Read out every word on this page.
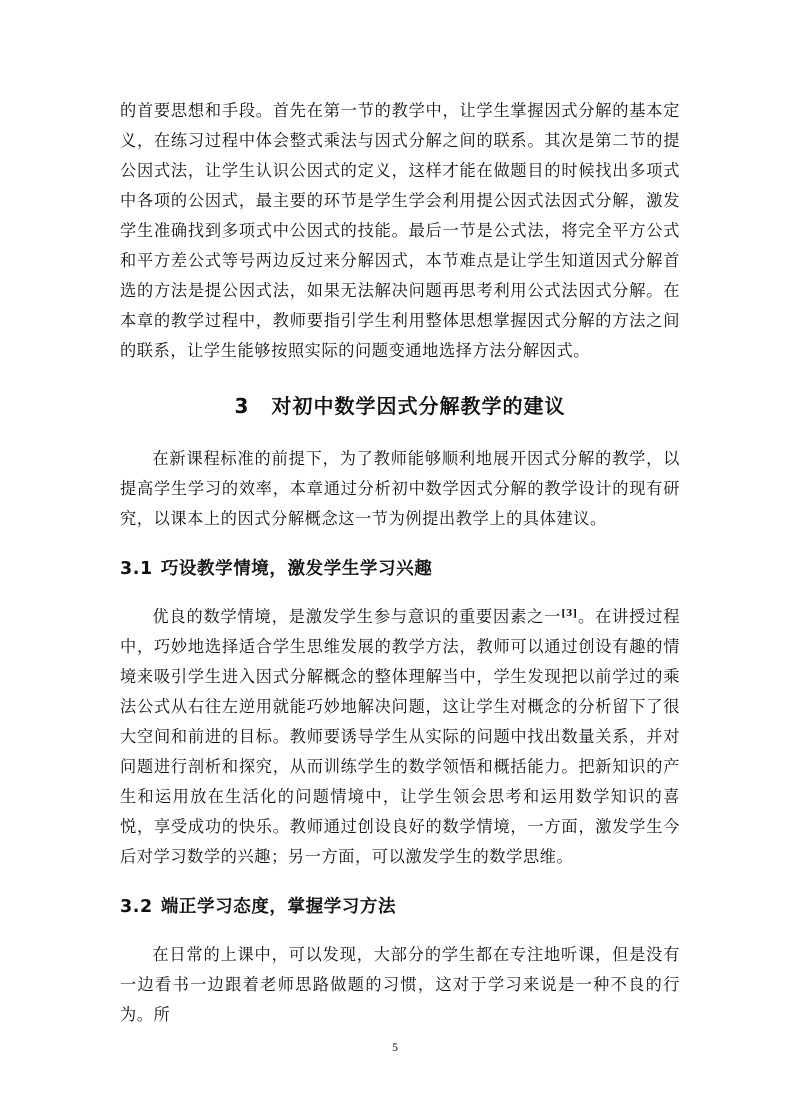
的首要思想和手段。首先在第一节的教学中，让学生掌握因式分解的基本定义，在练习过程中体会整式乘法与因式分解之间的联系。其次是第二节的提公因式法，让学生认识公因式的定义，这样才能在做题目的时候找出多项式中各项的公因式，最主要的环节是学生学会利用提公因式法因式分解，激发学生准确找到多项式中公因式的技能。最后一节是公式法，将完全平方公式和平方差公式等号两边反过来分解因式，本节难点是让学生知道因式分解首选的方法是提公因式法，如果无法解决问题再思考利用公式法因式分解。在本章的教学过程中，教师要指引学生利用整体思想掌握因式分解的方法之间的联系，让学生能够按照实际的问题变通地选择方法分解因式。

3 对初中数学因式分解教学的建议

在新课程标准的前提下，为了教师能够顺利地展开因式分解的教学，以提高学生学习的效率，本章通过分析初中数学因式分解的教学设计的现有研究，以课本上的因式分解概念这一节为例提出教学上的具体建议。

3.1 巧设教学情境，激发学生学习兴趣

优良的数学情境，是激发学生参与意识的重要因素之一[3]。在讲授过程中，巧妙地选择适合学生思维发展的教学方法，教师可以通过创设有趣的情境来吸引学生进入因式分解概念的整体理解当中，学生发现把以前学过的乘法公式从右往左逆用就能巧妙地解决问题，这让学生对概念的分析留下了很大空间和前进的目标。教师要诱导学生从实际的问题中找出数量关系，并对问题进行剖析和探究，从而训练学生的数学领悟和概括能力。把新知识的产生和运用放在生活化的问题情境中，让学生领会思考和运用数学知识的喜悦，享受成功的快乐。教师通过创设良好的数学情境，一方面，激发学生今后对学习数学的兴趣；另一方面，可以激发学生的数学思维。

3.2 端正学习态度，掌握学习方法

在日常的上课中，可以发现，大部分的学生都在专注地听课，但是没有一边看书一边跟着老师思路做题的习惯，这对于学习来说是一种不良的行为。所

5
